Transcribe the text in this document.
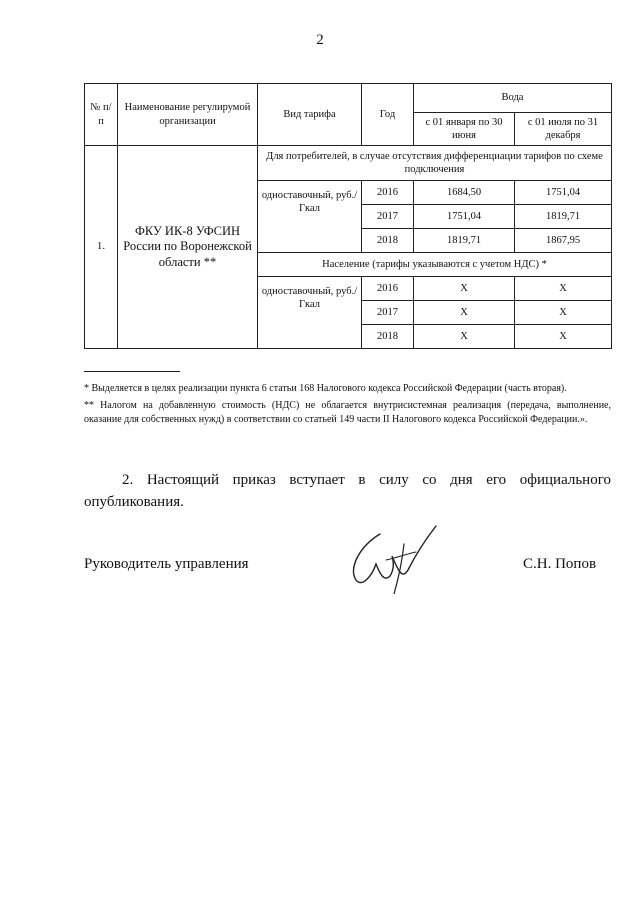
2
№ п/п	Наименование регулирумой организации	Вид тарифа	Год	Вода	
				с 01 января по 30 июня	с 01 июля по 31 декабря
1.	ФКУ ИК-8 УФСИН России по Воронежской области **	Для потребителей, в случае отсутствия дифференциации тарифов по схеме подключения			
		одноставочный, руб./Гкал	2016	1684,50	1751,04
			2017	1751,04	1819,71
			2018	1819,71	1867,95
		Население (тарифы указываются с учетом НДС) *			
		одноставочный, руб./Гкал	2016	Х	Х
			2017	Х	Х
			2018	Х	Х

* Выделяется в целях реализации пункта 6 статьи 168 Налогового кодекса Российской Федерации (часть вторая).

** Налогом на добавленную стоимость (НДС) не облагается внутрисистемная реализация (передача, выполнение, оказание для собственных нужд) в соответствии со статьей 149 части II Налогового кодекса Российской Федерации.».

2. Настоящий приказ вступает в силу со дня его официального опубликования.

Руководитель управления	С.Н. Попов
